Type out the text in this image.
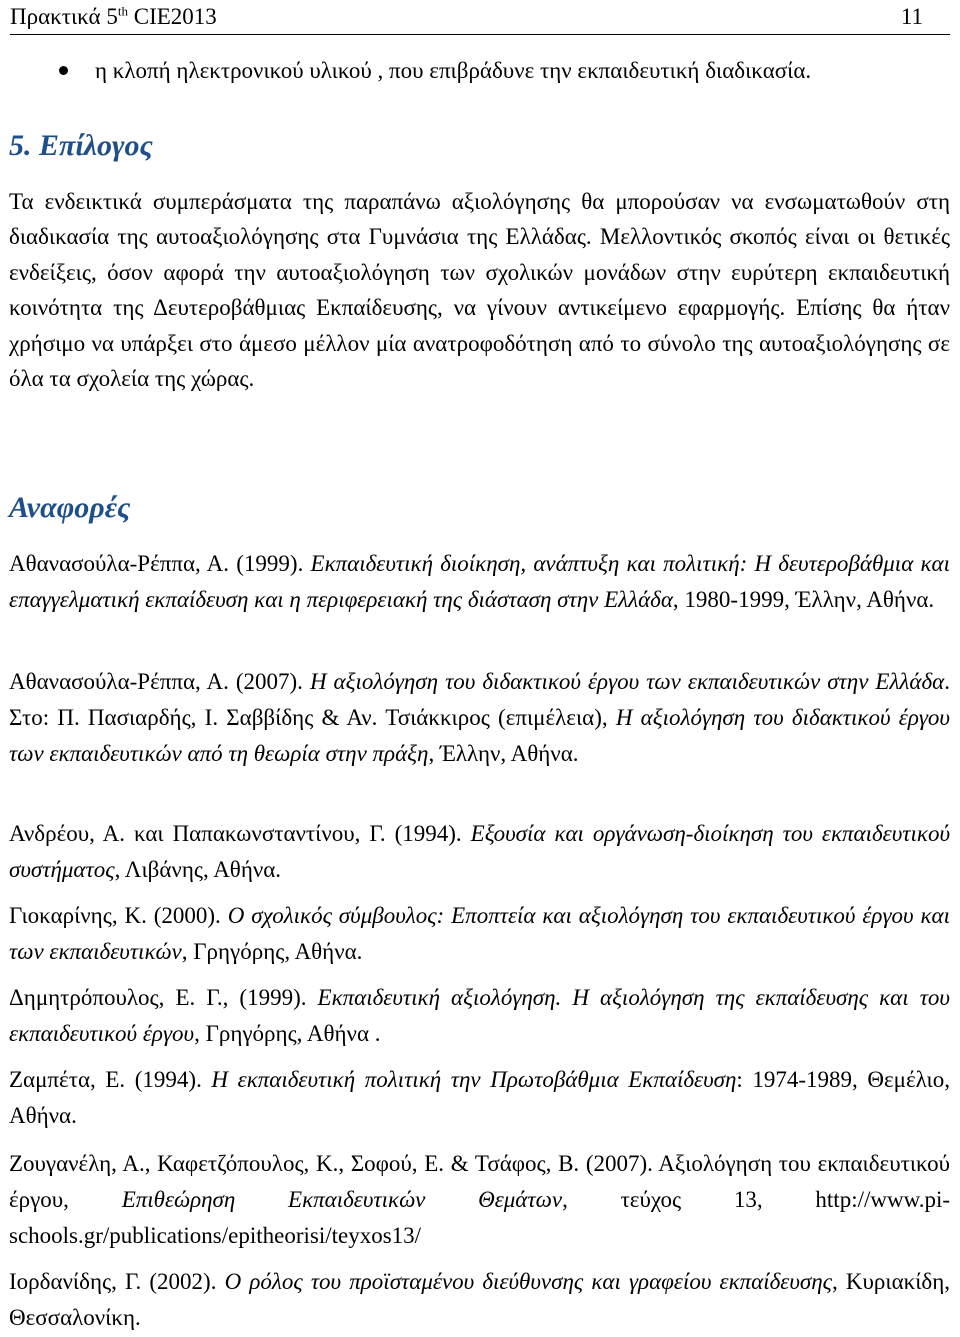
Πρακτικά 5th CIE2013	11
η κλοπή ηλεκτρονικού υλικού , που επιβράδυνε την εκπαιδευτική διαδικασία.
5. Επίλογος
Τα ενδεικτικά συμπεράσματα της παραπάνω αξιολόγησης θα μπορούσαν να ενσωματωθούν στη διαδικασία της αυτοαξιολόγησης στα Γυμνάσια της Ελλάδας. Μελλοντικός σκοπός είναι οι θετικές ενδείξεις, όσον αφορά την αυτοαξιολόγηση των σχολικών μονάδων στην ευρύτερη εκπαιδευτική κοινότητα της Δευτεροβάθμιας Εκπαίδευσης, να γίνουν αντικείμενο εφαρμογής. Επίσης θα ήταν χρήσιμο να υπάρξει στο άμεσο μέλλον μία ανατροφοδότηση από το σύνολο της αυτοαξιολόγησης σε όλα τα σχολεία της χώρας.
Αναφορές
Αθανασούλα-Ρέππα, Α. (1999). Εκπαιδευτική διοίκηση, ανάπτυξη και πολιτική: Η δευτεροβάθμια και επαγγελματική εκπαίδευση και η περιφερειακή της διάσταση στην Ελλάδα, 1980-1999, Έλλην, Αθήνα.
Αθανασούλα-Ρέππα, Α. (2007). Η αξιολόγηση του διδακτικού έργου των εκπαιδευτικών στην Ελλάδα. Στο: Π. Πασιαρδής, Ι. Σαββίδης & Αν. Τσιάκκιρος (επιμέλεια), Η αξιολόγηση του διδακτικού έργου των εκπαιδευτικών από τη θεωρία στην πράξη, Έλλην, Αθήνα.
Ανδρέου, Α. και Παπακωνσταντίνου, Γ. (1994). Εξουσία και οργάνωση-διοίκηση του εκπαιδευτικού συστήματος, Λιβάνης, Αθήνα.
Γιοκαρίνης, Κ. (2000). Ο σχολικός σύμβουλος: Εποπτεία και αξιολόγηση του εκπαιδευτικού έργου και των εκπαιδευτικών, Γρηγόρης, Αθήνα.
Δημητρόπουλος, Ε. Γ., (1999). Εκπαιδευτική αξιολόγηση. Η αξιολόγηση της εκπαίδευσης και του εκπαιδευτικού έργου, Γρηγόρης, Αθήνα .
Ζαμπέτα, Ε. (1994). Η εκπαιδευτική πολιτική την Πρωτοβάθμια Εκπαίδευση: 1974-1989, Θεμέλιο, Αθήνα.
Ζουγανέλη, Α., Καφετζόπουλος, Κ., Σοφού, Ε. & Τσάφος, Β. (2007). Αξιολόγηση του εκπαιδευτικού έργου, Επιθεώρηση Εκπαιδευτικών Θεμάτων, τεύχος 13, http://www.pi-schools.gr/publications/epitheorisi/teyxos13/
Ιορδανίδης, Γ. (2002). Ο ρόλος του προϊσταμένου διεύθυνσης και γραφείου εκπαίδευσης, Κυριακίδη, Θεσσαλονίκη.
